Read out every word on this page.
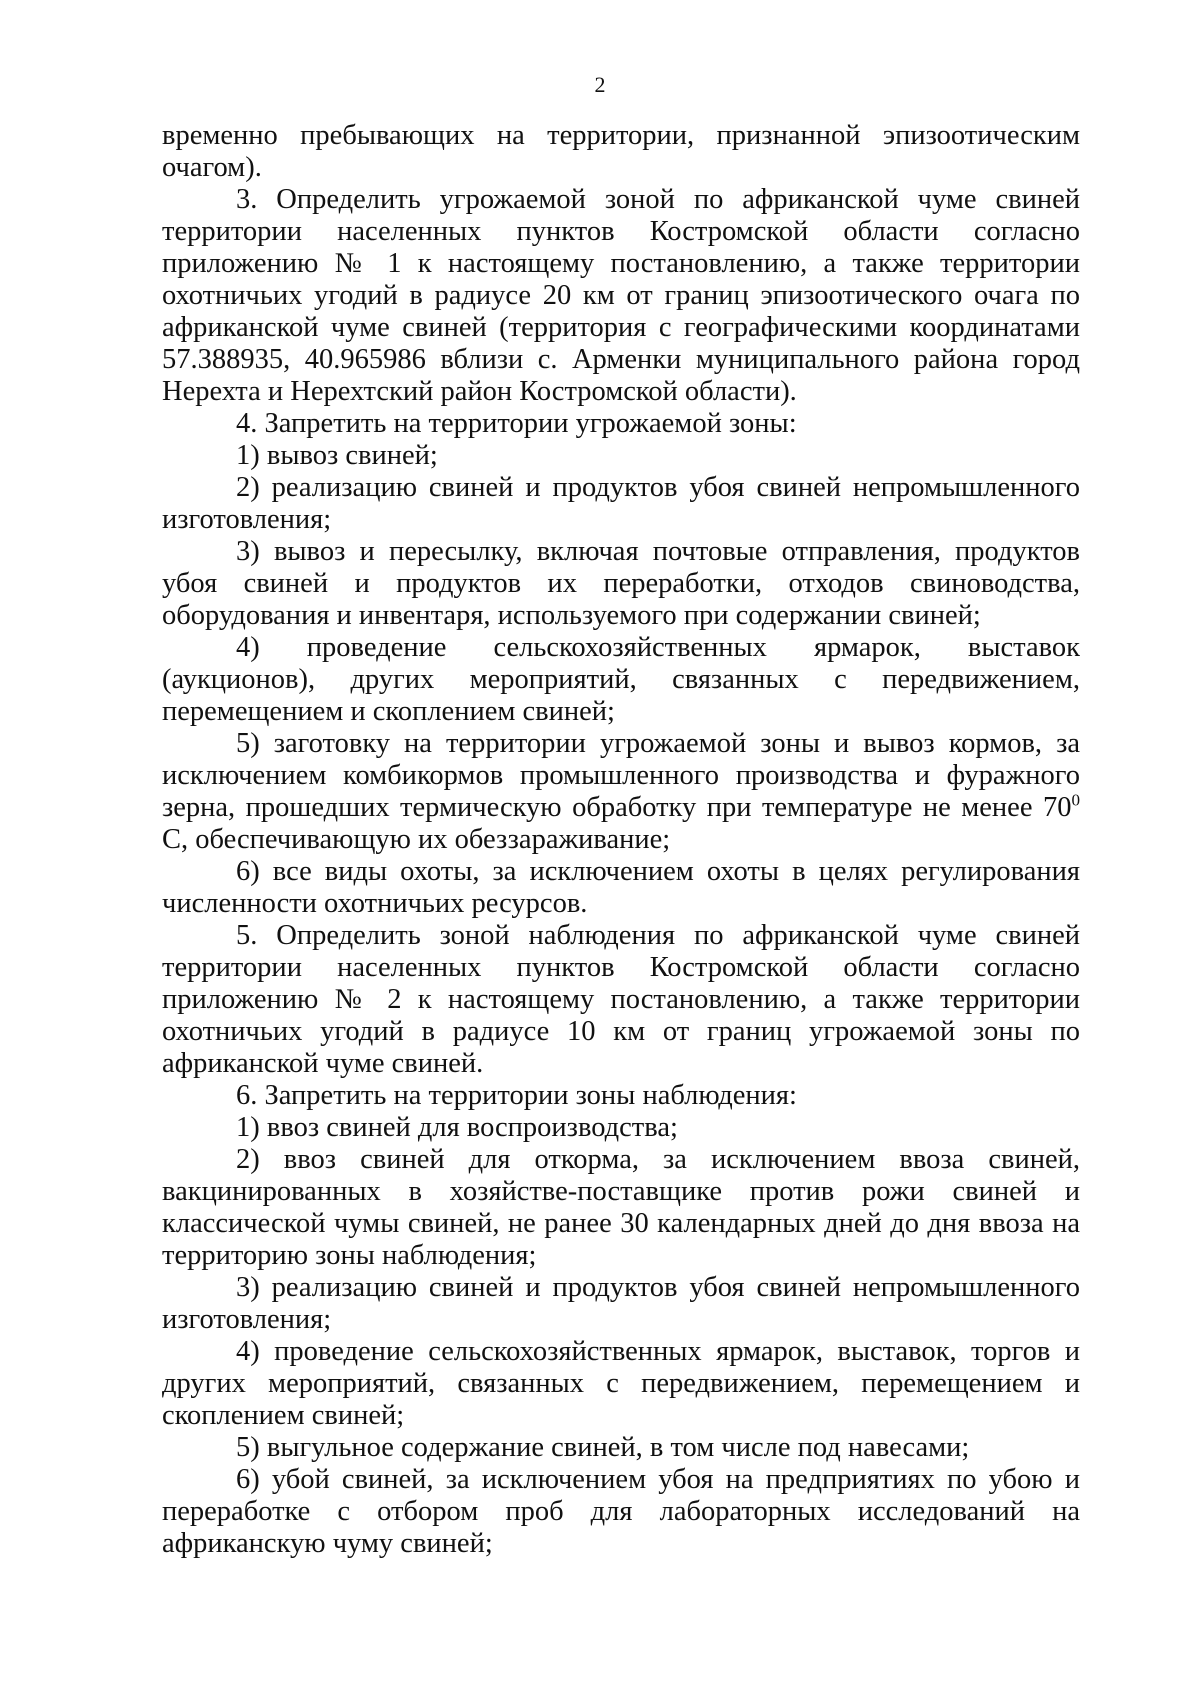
2

временно пребывающих на территории, признанной эпизоотическим очагом).

3. Определить угрожаемой зоной по африканской чуме свиней территории населенных пунктов Костромской области согласно приложению № 1 к настоящему постановлению, а также территории охотничьих угодий в радиусе 20 км от границ эпизоотического очага по африканской чуме свиней (территория с географическими координатами 57.388935, 40.965986 вблизи с. Арменки муниципального района город Нерехта и Нерехтский район Костромской области).

4. Запретить на территории угрожаемой зоны:

1) вывоз свиней;

2) реализацию свиней и продуктов убоя свиней непромышленного изготовления;

3) вывоз и пересылку, включая почтовые отправления, продуктов убоя свиней и продуктов их переработки, отходов свиноводства, оборудования и инвентаря, используемого при содержании свиней;

4) проведение сельскохозяйственных ярмарок, выставок (аукционов), других мероприятий, связанных с передвижением, перемещением и скоплением свиней;

5) заготовку на территории угрожаемой зоны и вывоз кормов, за исключением комбикормов промышленного производства и фуражного зерна, прошедших термическую обработку при температуре не менее $70^0$ С, обеспечивающую их обеззараживание;

6) все виды охоты, за исключением охоты в целях регулирования численности охотничьих ресурсов.

5. Определить зоной наблюдения по африканской чуме свиней территории населенных пунктов Костромской области согласно приложению № 2 к настоящему постановлению, а также территории охотничьих угодий в радиусе 10 км от границ угрожаемой зоны по африканской чуме свиней.

6. Запретить на территории зоны наблюдения:

1) ввоз свиней для воспроизводства;

2) ввоз свиней для откорма, за исключением ввоза свиней, вакцинированных в хозяйстве-поставщике против рожи свиней и классической чумы свиней, не ранее 30 календарных дней до дня ввоза на территорию зоны наблюдения;

3) реализацию свиней и продуктов убоя свиней непромышленного изготовления;

4) проведение сельскохозяйственных ярмарок, выставок, торгов и других мероприятий, связанных с передвижением, перемещением и скоплением свиней;

5) выгульное содержание свиней, в том числе под навесами;

6) убой свиней, за исключением убоя на предприятиях по убою и переработке с отбором проб для лабораторных исследований на африканскую чуму свиней;
